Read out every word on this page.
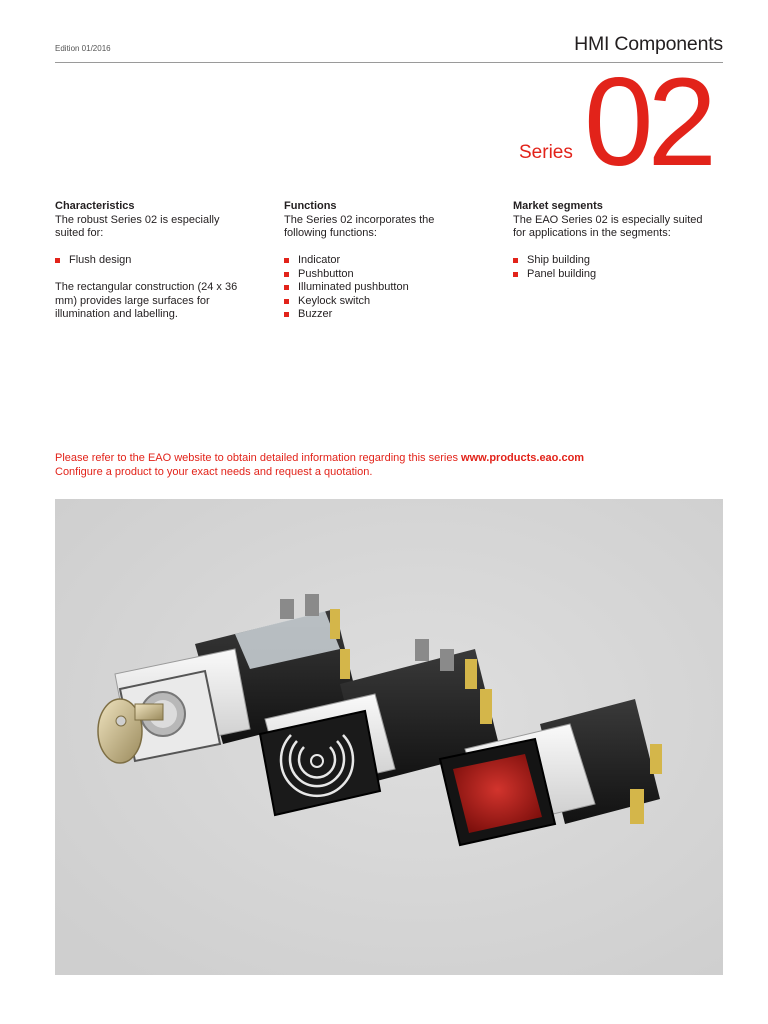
Edition 01/2016	HMI Components
Series 02
Characteristics

The robust Series 02 is especially suited for:

Flush design

The rectangular construction (24 x 36 mm) provides large surfaces for illumination and labelling.

Functions

The Series 02 incorporates the following functions:

Indicator
Pushbutton
Illuminated pushbutton
Keylock switch
Buzzer
Market segments

The EAO Series 02 is especially suited for applications in the segments:

Ship building
Panel building
Please refer to the EAO website to obtain detailed information regarding this series www.products.eao.com
Configure a product to your exact needs and request a quotation.
